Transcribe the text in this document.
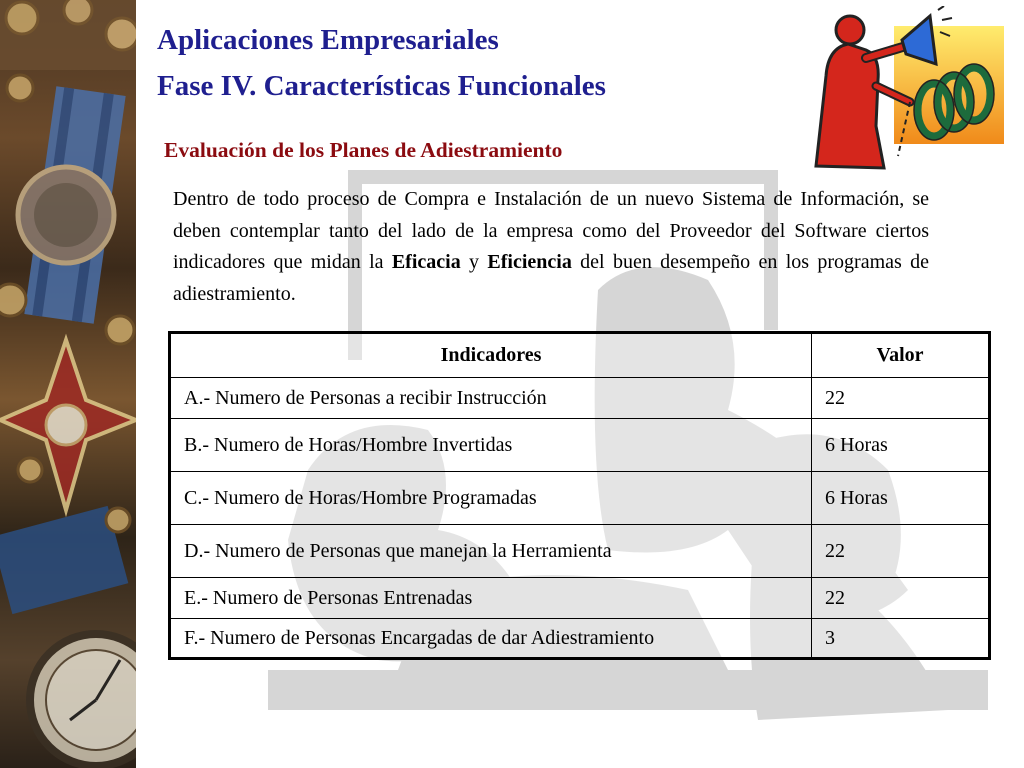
Aplicaciones Empresariales
Fase IV. Características Funcionales
Evaluación de los Planes de Adiestramiento

Dentro de todo proceso de Compra e Instalación de un nuevo Sistema de Información, se deben contemplar tanto del lado de la empresa como del Proveedor del Software ciertos indicadores que midan la Eficacia y Eficiencia del buen desempeño en los programas de adiestramiento.

Indicadores	Valor
A.- Numero de Personas a recibir Instrucción	22
B.- Numero de Horas/Hombre Invertidas	6 Horas
C.- Numero de Horas/Hombre Programadas	6 Horas
D.- Numero de Personas que manejan la Herramienta	22
E.- Numero de Personas Entrenadas	22
F.- Numero de Personas Encargadas de dar Adiestramiento	3
